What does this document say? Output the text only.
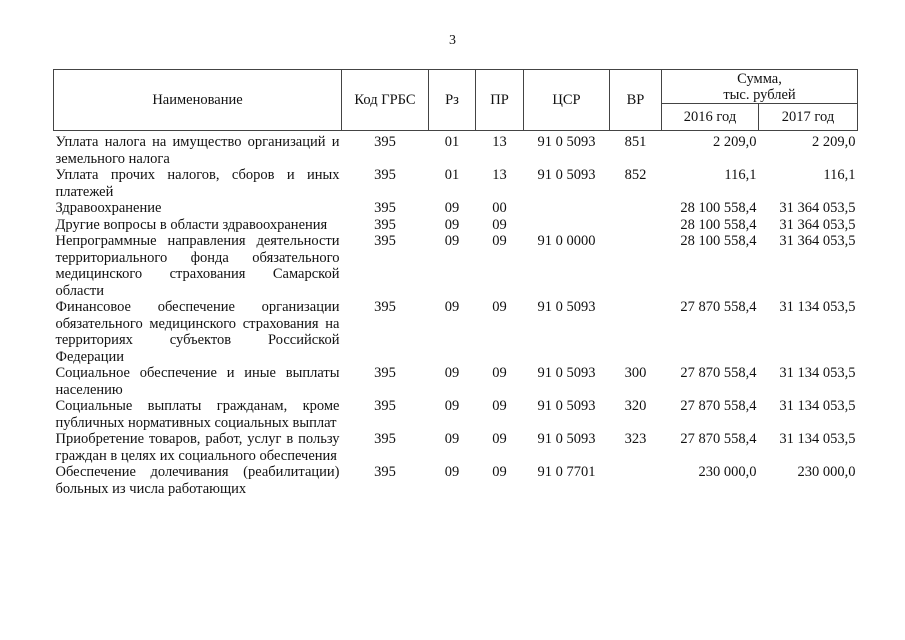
3
Наименование	Код ГРБС	Рз	ПР	ЦСР	ВР	Сумма,
тыс. рублей	
						2016 год	2017 год
Уплата налога на имущество организаций и земельного налога	395	01	13	91 0 5093	851	2 209,0	2 209,0
Уплата прочих налогов, сборов и иных платежей	395	01	13	91 0 5093	852	116,1	116,1
Здравоохранение	395	09	00			28 100 558,4	31 364 053,5
Другие вопросы в области здравоохранения	395	09	09			28 100 558,4	31 364 053,5
Непрограммные направления деятельности территориального фонда обязательного медицинского страхования Самарской области	395	09	09	91 0 0000		28 100 558,4	31 364 053,5
Финансовое обеспечение организации обязательного медицинского страхования на территориях субъектов Российской Федерации	395	09	09	91 0 5093		27 870 558,4	31 134 053,5
Социальное обеспечение и иные выплаты населению	395	09	09	91 0 5093	300	27 870 558,4	31 134 053,5
Социальные выплаты гражданам, кроме публичных нормативных социальных выплат	395	09	09	91 0 5093	320	27 870 558,4	31 134 053,5
Приобретение товаров, работ, услуг в пользу граждан в целях их социального обеспечения	395	09	09	91 0 5093	323	27 870 558,4	31 134 053,5
Обеспечение долечивания (реабилитации) больных из числа работающих	395	09	09	91 0 7701		230 000,0	230 000,0
